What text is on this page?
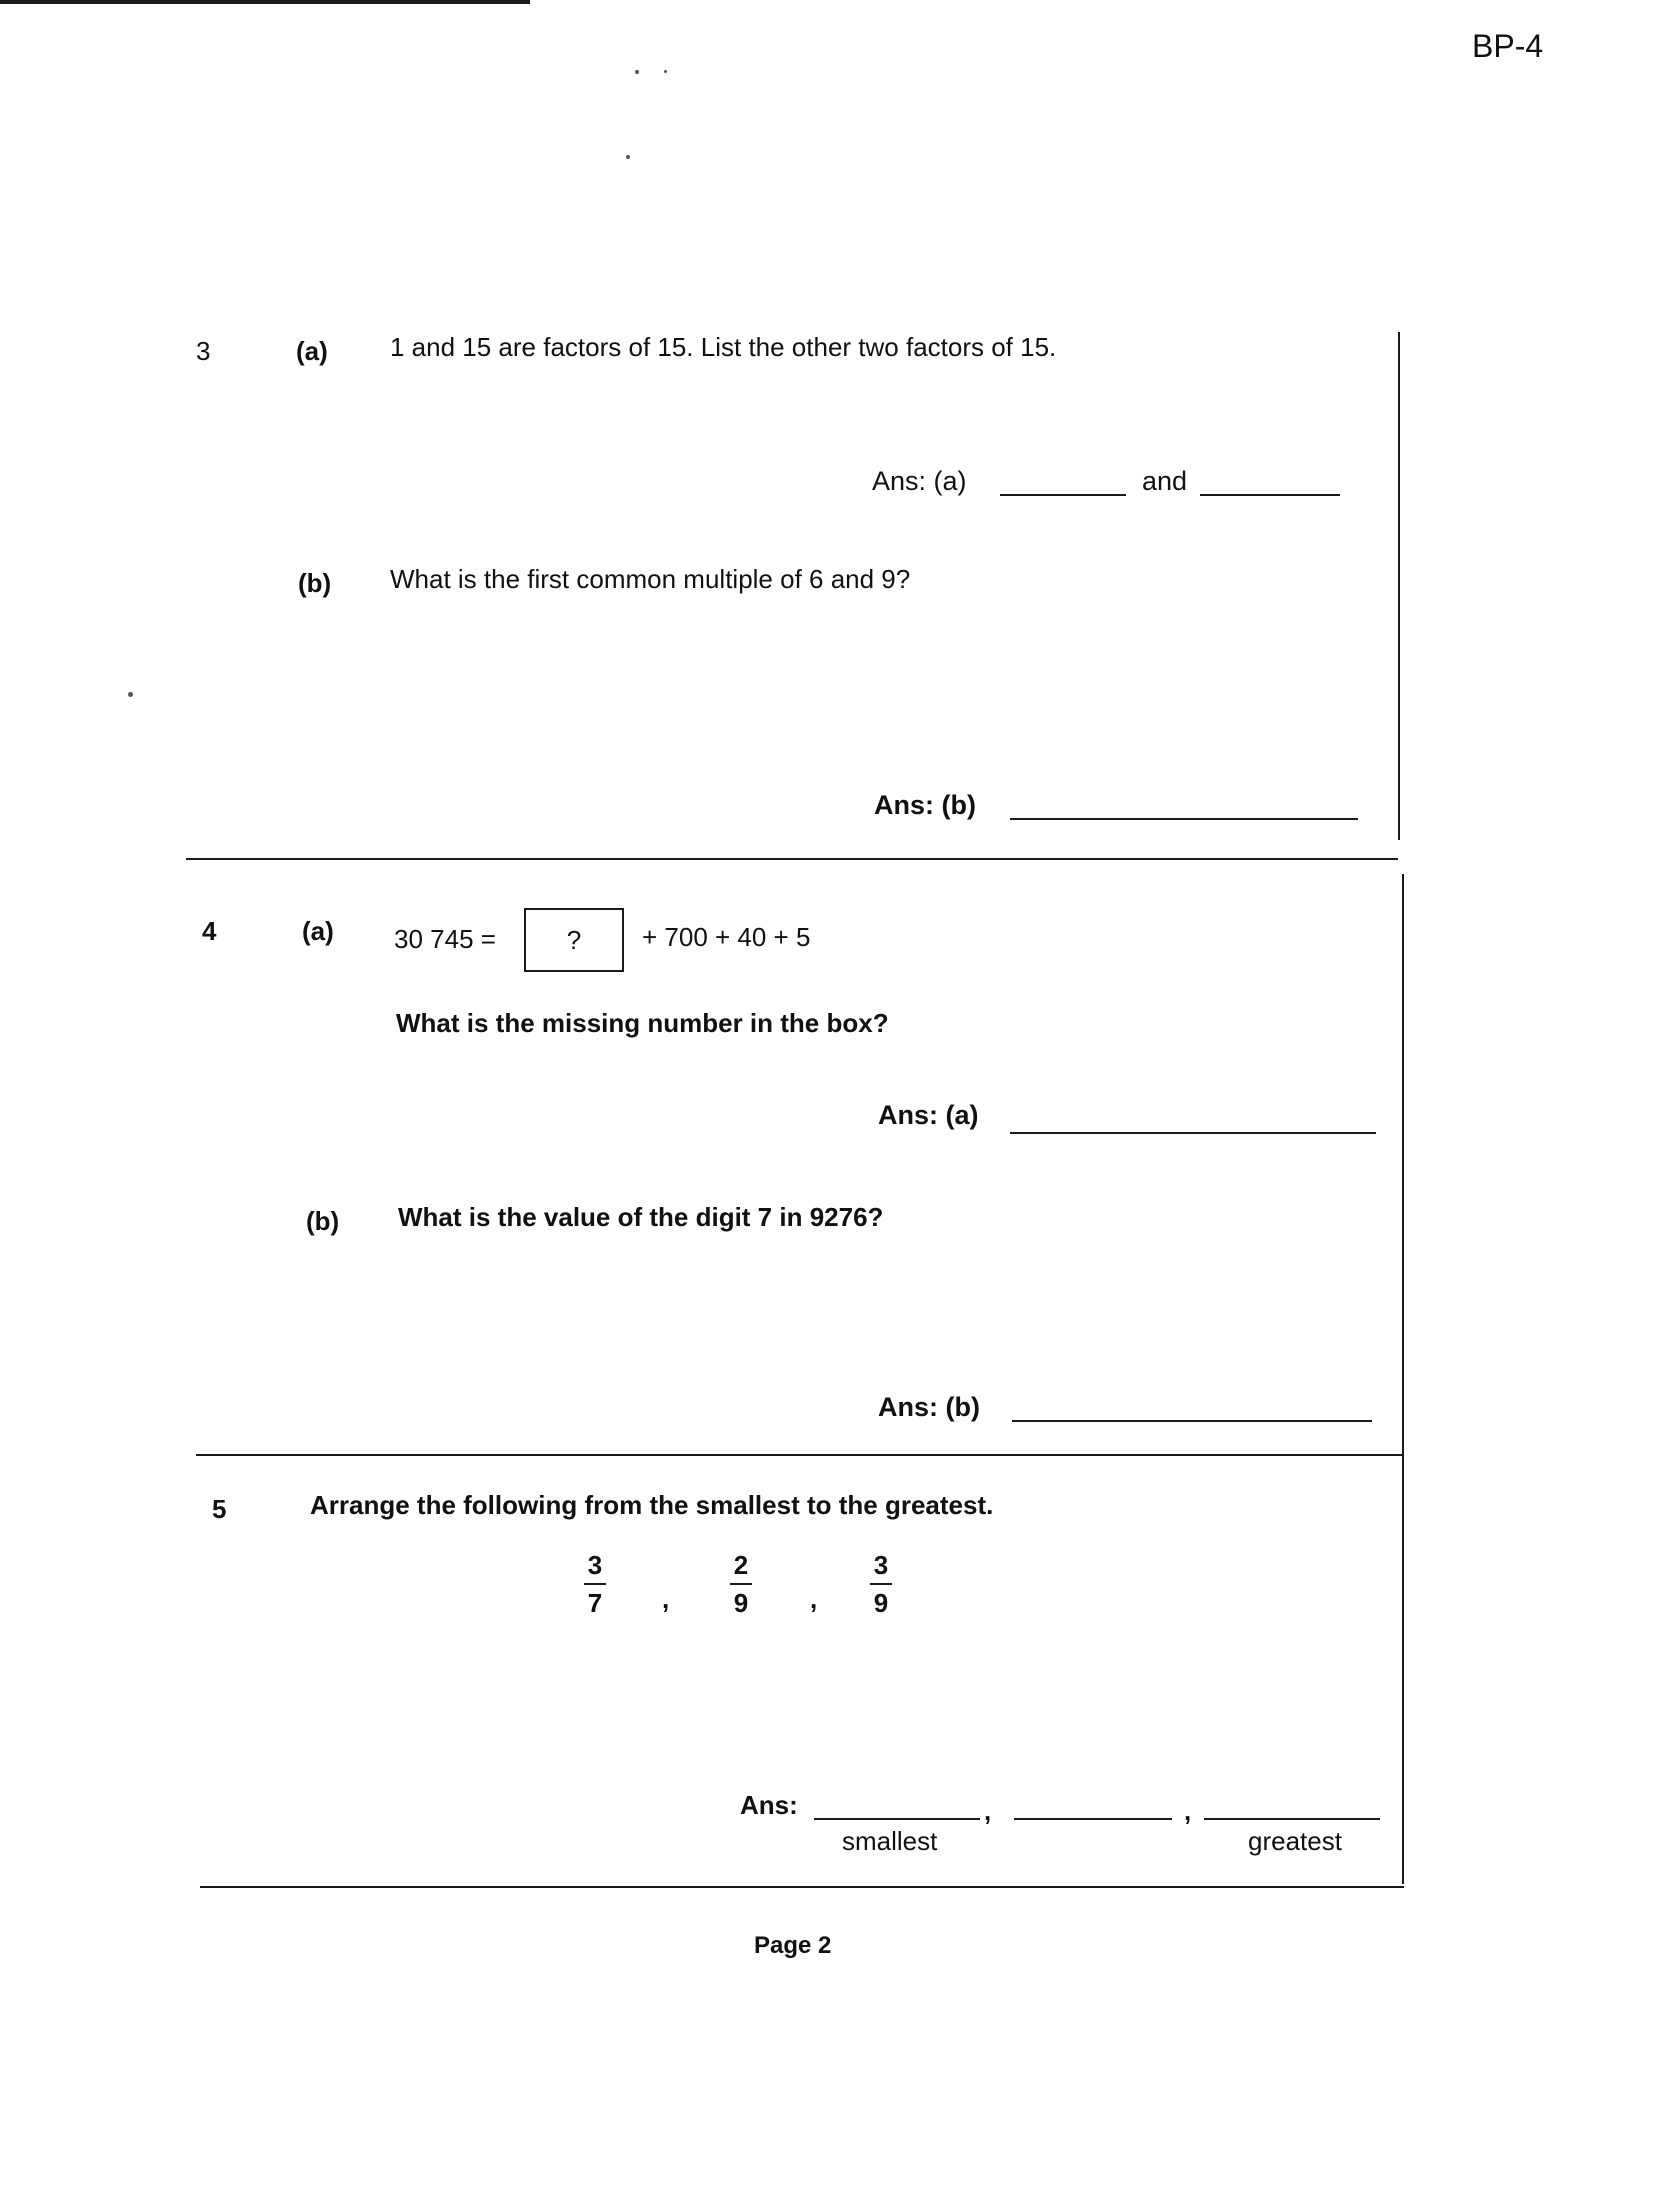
BP-4
3	(a) 1 and 15 are factors of 15. List the other two factors of 15.
Ans: (a)	and
(b) What is the first common multiple of 6 and 9?
Ans: (b)
4	(a) 30 745 =	? + 700 + 40 + 5
What is the missing number in the box?
Ans: (a)
(b) What is the value of the digit 7 in 9276?
Ans: (b)
5	Arrange the following from the smallest to the greatest.
3
7 ,
2
9 ,
3
9
Ans:	,	,
smallest	greatest
Page 2
